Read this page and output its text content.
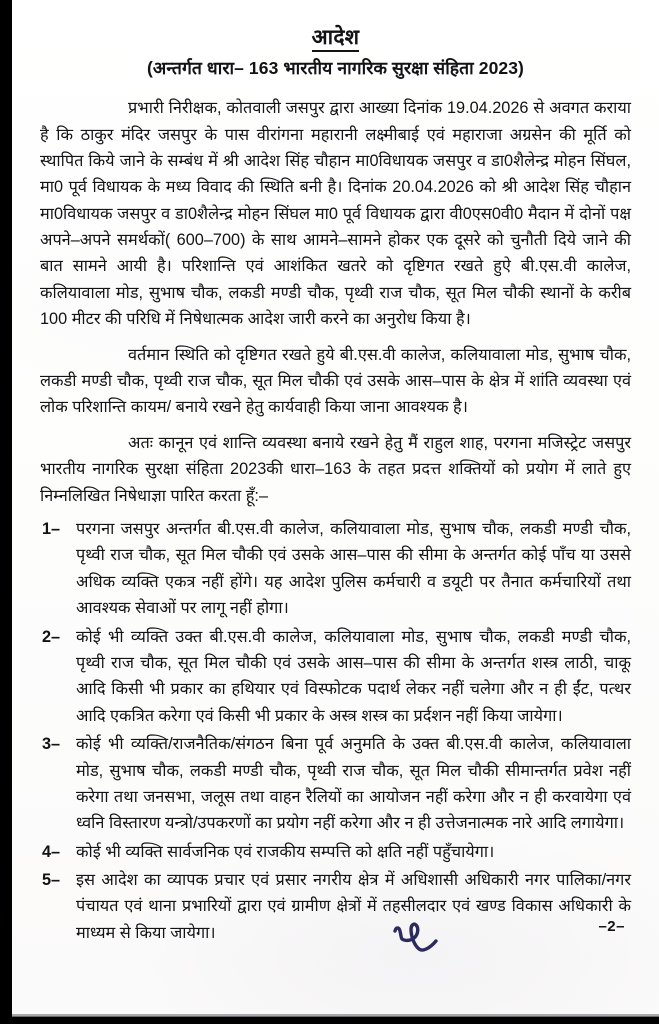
आदेश
(अन्तर्गत धारा– 163 भारतीय नागरिक सुरक्षा संहिता 2023)

प्रभारी निरीक्षक, कोतवाली जसपुर द्वारा आख्या दिनांक 19.04.2026 से अवगत कराया है कि ठाकुर मंदिर जसपुर के पास वीरांगना महारानी लक्ष्मीबाई एवं महाराजा अग्रसेन की मूर्ति को स्थापित किये जाने के सम्बंध में श्री आदेश सिंह चौहान मा0विधायक जसपुर व डा0शैलेन्द्र मोहन सिंघल, मा0 पूर्व विधायक के मध्य विवाद की स्थिति बनी है। दिनांक 20.04.2026 को श्री आदेश सिंह चौहान मा0विधायक जसपुर व डा0शैलेन्द्र मोहन सिंघल मा0 पूर्व विधायक द्वारा वी0एस0वी0 मैदान में दोनों पक्ष अपने–अपने समर्थकों( 600–700) के साथ आमने–सामने होकर एक दूसरे को चुनौती दिये जाने की बात सामने आयी है। परिशान्ति एवं आशंकित खतरे को दृष्टिगत रखते हुऐ बी.एस.वी कालेज, कलियावाला मोड, सुभाष चौक, लकडी मण्डी चौक, पृथ्वी राज चौक, सूत मिल चौकी स्थानों के करीब 100 मीटर की परिधि में निषेधात्मक आदेश जारी करने का अनुरोध किया है।

वर्तमान स्थिति को दृष्टिगत रखते हुये बी.एस.वी कालेज, कलियावाला मोड, सुभाष चौक, लकडी मण्डी चौक, पृथ्वी राज चौक, सूत मिल चौकी एवं उसके आस–पास के क्षेत्र में शांति व्यवस्था एवं लोक परिशान्ति कायम/ बनाये रखने हेतु कार्यवाही किया जाना आवश्यक है।

अतः कानून एवं शान्ति व्यवस्था बनाये रखने हेतु मैं राहुल शाह, परगना मजिस्ट्रेट जसपुर भारतीय नागरिक सुरक्षा संहिता 2023की धारा–163 के तहत प्रदत्त शक्तियों को प्रयोग में लाते हुए निम्नलिखित निषेधाज्ञा पारित करता हूँ:–

1– परगना जसपुर अन्तर्गत बी.एस.वी कालेज, कलियावाला मोड, सुभाष चौक, लकडी मण्डी चौक, पृथ्वी राज चौक, सूत मिल चौकी एवं उसके आस–पास की सीमा के अन्तर्गत कोई पॉंच या उससे अधिक व्यक्ति एकत्र नहीं होंगे। यह आदेश पुलिस कर्मचारी व डयूटी पर तैनात कर्मचारियों तथा आवश्यक सेवाओं पर लागू नहीं होगा।
2– कोई भी व्यक्ति उक्त बी.एस.वी कालेज, कलियावाला मोड, सुभाष चौक, लकडी मण्डी चौक, पृथ्वी राज चौक, सूत मिल चौकी एवं उसके आस–पास की सीमा के अन्तर्गत शस्त्र लाठी, चाकू आदि किसी भी प्रकार का हथियार एवं विस्फोटक पदार्थ लेकर नहीं चलेगा और न ही ईंट, पत्थर आदि एकत्रित करेगा एवं किसी भी प्रकार के अस्त्र शस्त्र का प्रर्दशन नहीं किया जायेगा।
3– कोई भी व्यक्ति/राजनैतिक/संगठन बिना पूर्व अनुमति के उक्त बी.एस.वी कालेज, कलियावाला मोड, सुभाष चौक, लकडी मण्डी चौक, पृथ्वी राज चौक, सूत मिल चौकी सीमान्तर्गत प्रवेश नहीं करेगा तथा जनसभा, जलूस तथा वाहन रैलियों का आयोजन नहीं करेगा और न ही करवायेगा एवं ध्वनि विस्तारण यन्त्रो/उपकरणों का प्रयोग नहीं करेगा और न ही उत्तेजनात्मक नारे आदि लगायेगा।
4– कोई भी व्यक्ति सार्वजनिक एवं राजकीय सम्पत्ति को क्षति नहीं पहुँचायेगा।
5– इस आदेश का व्यापक प्रचार एवं प्रसार नगरीय क्षेत्र में अधिशासी अधिकारी नगर पालिका/नगर पंचायत एवं थाना प्रभारियों द्वारा एवं ग्रामीण क्षेत्रों में तहसीलदार एवं खण्ड विकास अधिकारी के माध्यम से किया जायेगा।	–2–
